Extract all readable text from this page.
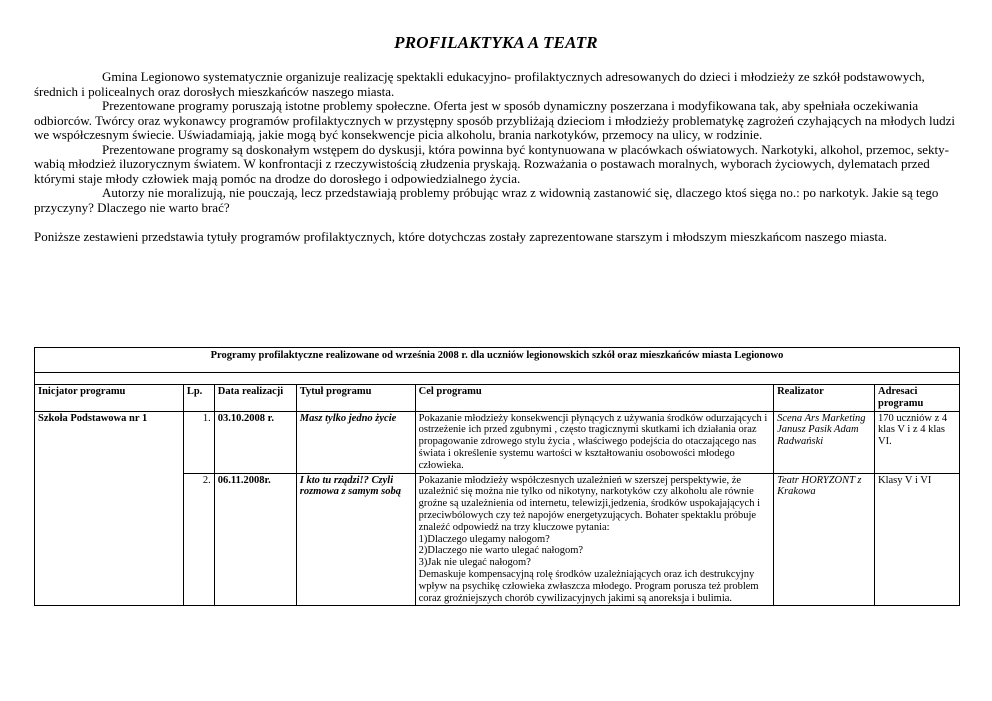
PROFILAKTYKA A TEATR

Gmina Legionowo systematycznie organizuje realizację spektakli edukacyjno- profilaktycznych adresowanych do dzieci i młodzieży ze szkół podstawowych, średnich i policealnych oraz dorosłych mieszkańców naszego miasta.

Prezentowane programy poruszają istotne problemy społeczne. Oferta jest w sposób dynamiczny poszerzana i modyfikowana tak, aby spełniała oczekiwania odbiorców. Twórcy oraz wykonawcy programów profilaktycznych w przystępny sposób przybliżają dzieciom i młodzieży problematykę zagrożeń czyhających na młodych ludzi we współczesnym świecie. Uświadamiają, jakie mogą być konsekwencje picia alkoholu, brania narkotyków, przemocy na ulicy, w rodzinie.

Prezentowane programy są doskonałym wstępem do dyskusji, która powinna być kontynuowana w placówkach oświatowych. Narkotyki, alkohol, przemoc, sekty- wabią młodzież iluzorycznym światem. W konfrontacji z rzeczywistością złudzenia pryskają. Rozważania o postawach moralnych, wyborach życiowych, dylematach przed którymi staje młody człowiek mają pomóc na drodze do dorosłego i odpowiedzialnego życia.

Autorzy nie moralizują, nie pouczają, lecz przedstawiają problemy próbując wraz z widownią zastanowić się, dlaczego ktoś sięga no.: po narkotyk. Jakie są tego przyczyny? Dlaczego nie warto brać?

Poniższe zestawieni przedstawia tytuły programów profilaktycznych, które dotychczas zostały zaprezentowane starszym i młodszym mieszkańcom naszego miasta.

Programy profilaktyczne realizowane od września 2008 r. dla uczniów legionowskich szkół oraz mieszkańców miasta Legionowo						

Inicjator programu	Lp.	Data realizacji	Tytuł programu	Cel programu	Realizator	Adresaci programu
Szkoła Podstawowa nr 1	1.	03.10.2008 r.	Masz tylko jedno życie	Pokazanie młodzieży konsekwencji płynących z używania środków odurzających i ostrzeżenie ich przed zgubnymi , często tragicznymi skutkami ich działania oraz propagowanie zdrowego stylu życia , właściwego podejścia do otaczającego nas świata i określenie systemu wartości w kształtowaniu osobowości młodego człowieka.	Scena Ars Marketing Janusz Pasik Adam Radwański	170 uczniów z 4 klas V i z 4 klas VI.
	2.	06.11.2008r.	I kto tu rządzi!? Czyli rozmowa z samym sobą	Pokazanie młodzieży współczesnych uzależnień w szerszej perspektywie, że uzależnić się można nie tylko od nikotyny, narkotyków czy alkoholu ale równie groźne są uzależnienia od internetu, telewizji,jedzenia, środków uspokajających i przeciwbólowych czy też napojów energetyzujących. Bohater spektaklu próbuje znaleźć odpowiedź na trzy kluczowe pytania:
1)Dlaczego ulegamy nałogom?
2)Dlaczego nie warto ulegać nałogom?
3)Jak nie ulegać nałogom?
Demaskuje kompensacyjną rolę środków uzależniających oraz ich destrukcyjny wpływ na psychikę człowieka zwłaszcza młodego. Program porusza też problem coraz groźniejszych chorób cywilizacyjnych jakimi są anoreksja i bulimia.	Teatr HORYZONT z Krakowa	Klasy V i VI
